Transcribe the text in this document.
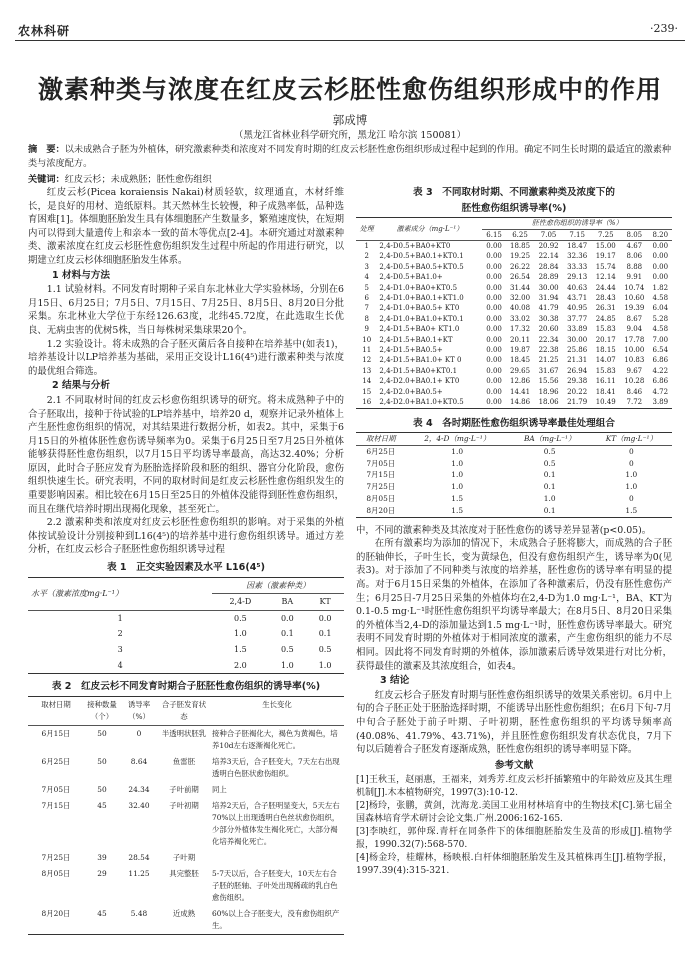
农林科研	·239·
激素种类与浓度在红皮云杉胚性愈伤组织形成中的作用
郭成博
（黑龙江省林业科学研究所，黑龙江 哈尔滨 150081）
摘　要：以未成熟合子胚为外植体，研究激素种类和浓度对不同发育时期的红皮云杉胚性愈伤组织形成过程中起到的作用。确定不同生长时期的最适宜的激素种类与浓度配方。
关键词：红皮云杉；未成熟胚；胚性愈伤组织

红皮云杉(Picea koraiensis Nakai)材质轻软，纹理通直，木材纤维长，是良好的用材、造纸原料。其天然林生长较慢，种子成熟率低，品种选育困难[1]。体细胞胚胎发生具有体细胞胚产生数量多，繁殖速度快，在短期内可以得到大量遗传上和亲本一致的苗木等优点[2-4]。本研究通过对激素种类、激素浓度在红皮云杉胚性愈伤组织发生过程中所起的作用进行研究，以期建立红皮云杉体细胞胚胎发生体系。

1 材料与方法

1.1 试验材料。不同发育时期种子采自东北林业大学实验林场，分别在6月15日、6月25日；7月5日、7月15日、7月25日、8月5日、8月20日分批采集。东北林业大学位于东经126.63度，北纬45.72度，在此选取生长优良、无病虫害的优树5株，当日每株树采集球果20个。

1.2 实验设计。将未成熟的合子胚灭菌后各自接种在培养基中(如表1)，培养基设计以LP培养基为基础，采用正交设计L16(4⁵)进行激素种类与浓度的最优组合筛选。

2 结果与分析

2.1 不同取材时间的红皮云杉愈伤组织诱导的研究。将未成熟种子中的合子胚取出，接种于待试验的LP培养基中，培养20 d，观察并记录外植体上产生胚性愈伤组织的情况，对其结果进行数据分析，如表2。其中，采集于6月15日的外植体胚性愈伤诱导频率为0。采集于6月25日至7月25日外植体能够获得胚性愈伤组织，以7月15日平均诱导率最高，高达32.40%；分析原因，此时合子胚应发育为胚胎选择阶段和胚的组织、器官分化阶段，愈伤组织快速生长。研究表明，不同的取材时间是红皮云杉胚性愈伤组织发生的重要影响因素。相比较在6月15日至25日的外植体没能得到胚性愈伤组织，而且在继代培养时期出现褐化现象，甚至死亡。

2.2 激素种类和浓度对红皮云杉胚性愈伤组织的影响。对于采集的外植体按试验设计分别接种到L16(4⁵)的培养基中进行愈伤组织诱导。通过方差分析，在红皮云杉合子胚胚性愈伤组织诱导过程

表 1　正交实验因素及水平 L16(4⁵)
水平（激素浓度mg·L⁻¹）	因素（激素种类）		
	2,4-D	BA	KT
1	0.5	0.0	0.0
2	1.0	0.1	0.1
3	1.5	0.5	0.5
4	2.0	1.0	1.0
表 2　红皮云杉不同发育时期合子胚胚性愈伤组织的诱导率(%)
取材日期	接种数量（个）	诱导率（%）	合子胚发育状态	生长变化
6月15日	50	0	半透明状胚乳	接种合子胚褐化大，褐色为黄褐色，培养10d左右逐渐褐化死亡。
6月25日	50	8.64	鱼雷胚	培养3天后，合子胚变大，7天左右出现透明白色胚状愈伤组织。
7月05日	50	24.34	子叶前期	同上
7月15日	45	32.40	子叶初期	培养2天后，合子胚明显变大，5天左右70%以上出现透明白色丝状愈伤组织，少部分外植体发生褐化死亡，大部分褐化培养褐化死亡。
7月25日	39	28.54	子叶期	
8月05日	29	11.25	具完整胚	5-7天以后，合子胚变大，10天左右合子胚的胚轴、子叶处出现稀疏的乳白色愈伤组织。
8月20日	45	5.48	近成熟	60%以上合子胚变大，没有愈伤组织产生。
表 3　不同取材时期、不同激素种类及浓度下的
胚性愈伤组织诱导率(%)
处理	激素成分（mg·L⁻¹）	胚性愈伤组织的诱导率（%）						
		6.15	6.25	7.05	7.15	7.25	8.05	8.20
1	2,4-D0.5+BA0+KT0	0.00	18.85	20.92	18.47	15.00	4.67	0.00
2	2,4-D0.5+BA0.1+KT0.1	0.00	19.25	22.14	32.36	19.17	8.06	0.00
3	2,4-D0.5+BA0.5+KT0.5	0.00	26.22	28.84	33.33	15.74	8.88	0.00
4	2,4-D0.5+BA1.0+	0.00	26.54	28.89	29.13	12.14	9.91	0.00
5	2,4-D1.0+BA0+KT0.5	0.00	31.44	30.00	40.63	24.44	10.74	1.82
6	2,4-D1.0+BA0.1+KT1.0	0.00	32.00	31.94	43.71	28.43	10.60	4.58
7	2,4-D1.0+BA0.5+ KT0	0.00	40.08	41.79	40.95	26.31	19.39	6.04
8	2,4-D1.0+BA1.0+KT0.1	0.00	33.02	30.38	37.77	24.85	8.67	5.28
9	2,4-D1.5+BA0+ KT1.0	0.00	17.32	20.60	33.89	15.83	9.04	4.58
10	2,4-D1.5+BA0.1+KT	0.00	20.11	22.34	30.00	20.17	17.78	7.00
11	2,4-D1.5+BA0.5+	0.00	19.87	22.38	25.86	18.15	10.00	6.54
12	2,4-D1.5+BA1.0+ KT 0	0.00	18.45	21.25	21.31	14.07	10.83	6.86
13	2,4-D1.5+BA0+KT0.1	0.00	29.65	31.67	26.94	15.83	9.67	4.22
14	2,4-D2.0+BA0.1+ KT0	0.00	12.86	15.56	29.38	16.11	10.28	6.86
15	2,4-D2.0+BA0.5+	0.00	14.41	18.96	20.22	18.41	8.46	4.72
16	2,4-D2.0+BA1.0+KT0.5	0.00	14.86	18.06	21.79	10.49	7.72	3.89
表 4　各时期胚性愈伤组织诱导率最佳处理组合
取材日期	2，4-D（mg·L⁻¹）	BA（mg·L⁻¹）	KT（mg·L⁻¹）
6月25日	1.0	0.5	0
7月05日	1.0	0.5	0
7月15日	1.0	0.1	1.0
7月25日	1.0	0.1	1.0
8月05日	1.5	1.0	0
8月20日	1.5	0.1	1.5

中，不同的激素种类及其浓度对于胚性愈伤的诱导差异显著(p<0.05)。

在所有激素均为添加的情况下，未成熟合子胚将膨大，而成熟的合子胚的胚轴伸长，子叶生长，变为黄绿色，但没有愈伤组织产生，诱导率为0(见表3)。对于添加了不同种类与浓度的培养基，胚性愈伤的诱导率有明显的提高。对于6月15日采集的外植体，在添加了各种激素后，仍没有胚性愈伤产生；6月25日-7月25日采集的外植体均在2,4-D为1.0 mg·L⁻¹，BA、KT为0.1-0.5 mg·L⁻¹时胚性愈伤组织平均诱导率最大；在8月5日、8月20日采集的外植体当2,4-D的添加量达到1.5 mg·L⁻¹时，胚性愈伤诱导率最大。研究表明不同发育时期的外植体对于相同浓度的激素，产生愈伤组织的能力不尽相同。因此将不同发育时期的外植体，添加激素后诱导效果进行对比分析，获得最佳的激素及其浓度组合，如表4。

3 结论

红皮云杉合子胚发育时期与胚性愈伤组织诱导的效果关系密切。6月中上旬的合子胚正处于胚胎选择时期，不能诱导出胚性愈伤组织；在6月下旬-7月中旬合子胚处于前子叶期、子叶初期，胚性愈伤组织的平均诱导频率高(40.08%、41.79%、43.71%)，并且胚性愈伤组织发育状态优良，7月下旬以后随着合子胚发育逐渐成熟，胚性愈伤组织的诱导率明显下降。

参考文献

[1]王秋玉，赵丽惠，王福来，刘秀芳.红皮云杉扦插繁殖中的年龄效应及其生理机制[J].木本植物研究，1997(3):10-12.

[2]杨玲，张鹏，黄剑，沈海龙.美国工业用材林培育中的生物技术[C].第七届全国森林培育学术研讨会论文集.广州.2006:162-165.

[3]李映红，郭仲琛.青杆在同条件下的体细胞胚胎发生及苗的形成[J].植物学报，1990.32(7):568-570.

[4]杨金玲，桂耀林，杨映根.白杆体细胞胚胎发生及其植株再生[J].植物学报，1997.39(4):315-321.
